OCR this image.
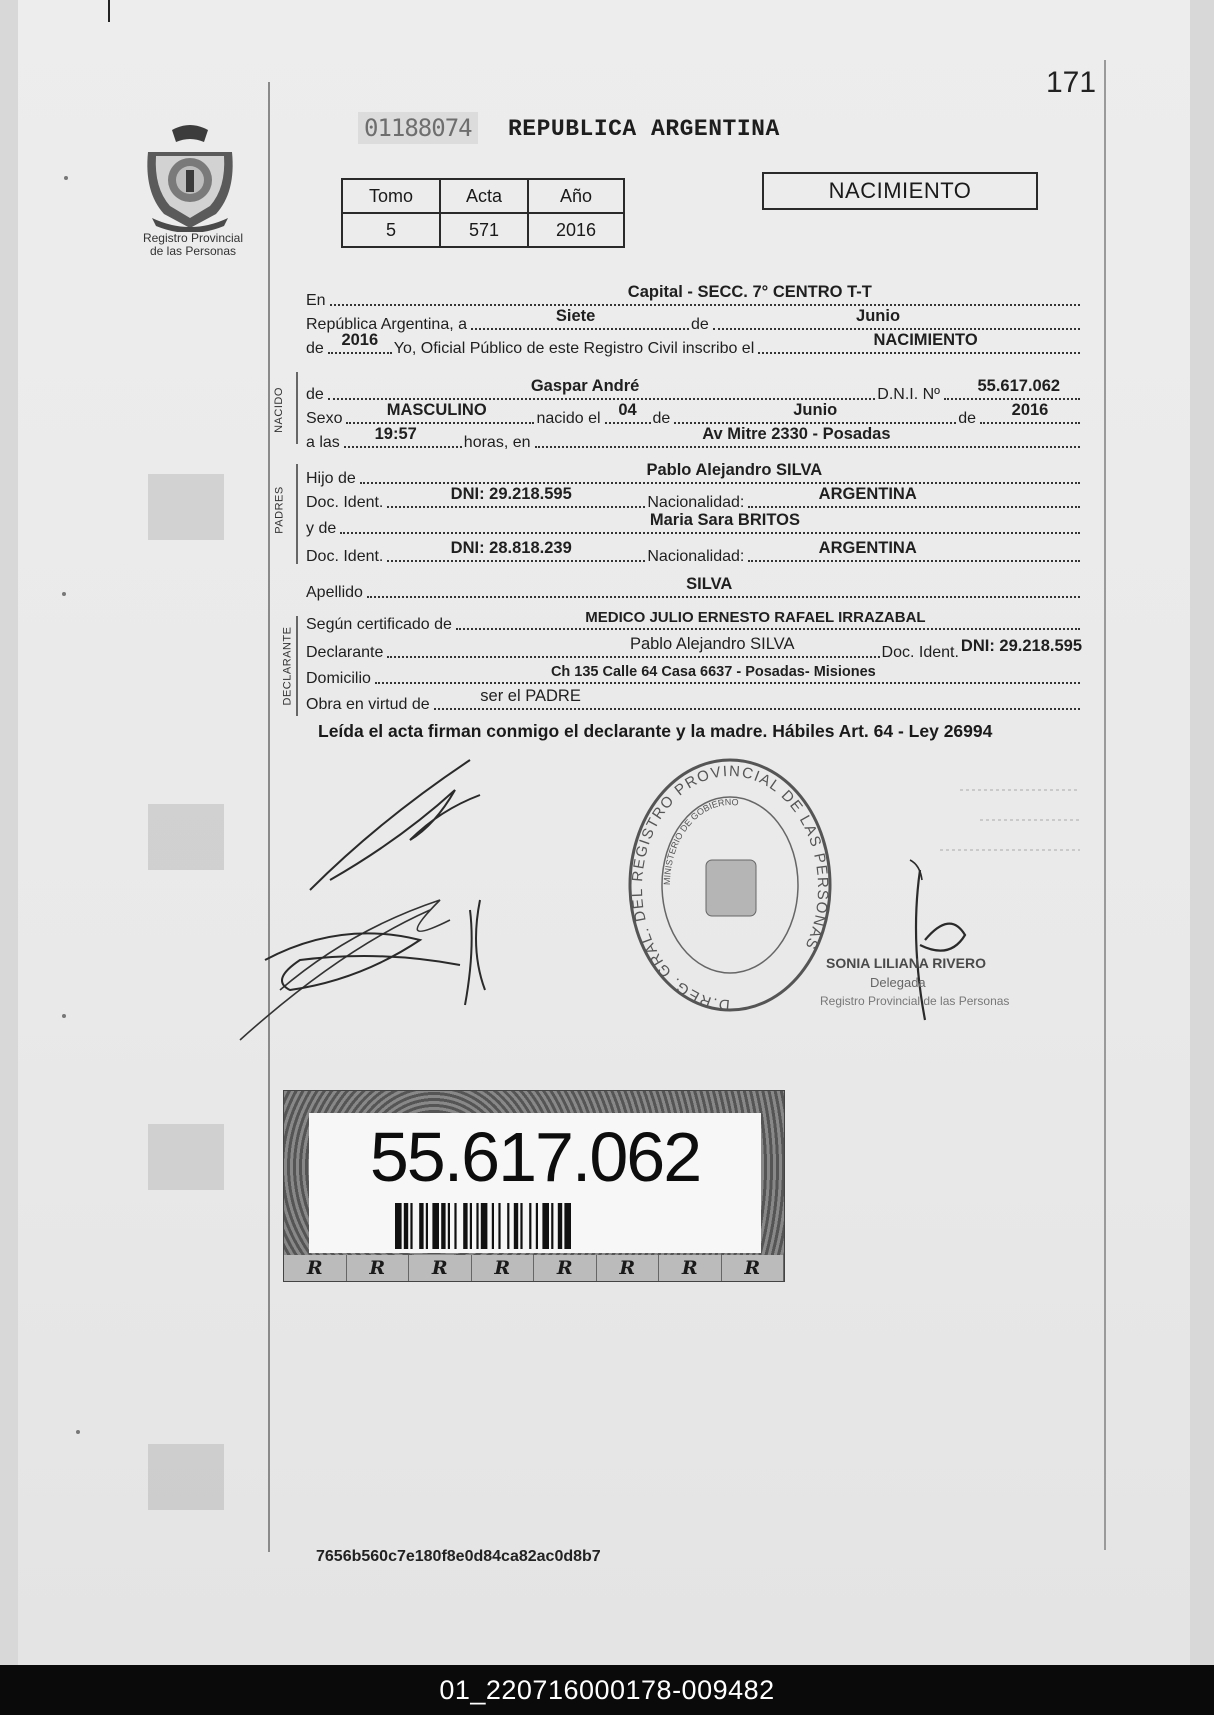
171
Registro Provincial
de las Personas
01188074 REPUBLICA ARGENTINA
Tomo	Acta	Año
5	571	2016
NACIMIENTO
En	Capital - SECC. 7° CENTRO T-T
República Argentina, a	Siete	de	Junio
de 2016 Yo, Oficial Público de este Registro Civil inscribo el	NACIMIENTO
NACIDO de	Gaspar André	D.N.I. Nº 55.617.062
Sexo	MASCULINO	nacido el 04 de	Junio	de 2016
a las 19:57	horas, en	Av Mitre 2330 - Posadas
PADRES
Hijo de	Pablo Alejandro SILVA
Doc. Ident.	DNI: 29.218.595	Nacionalidad:	ARGENTINA
y de	Maria Sara BRITOS
Doc. Ident.	DNI: 28.818.239	Nacionalidad:	ARGENTINA
Apellido	SILVA
DECLARANTE
Según certificado de	MEDICO JULIO ERNESTO RAFAEL IRRAZABAL
Declarante	Pablo Alejandro SILVA	Doc. Ident. DNI: 29.218.595
Domicilio	Ch 135 Calle 64 Casa 6637 - Posadas- Misiones
Obra en virtud de	ser el PADRE
Leída el acta firman conmigo el declarante y la madre. Hábiles Art. 64 - Ley 26994
D.REG. GRAL. DEL REGISTRO PROVINCIAL DE LAS PERSONAS
MINISTERIO DE GOBIERNO
SONIA LILIANA RIVERO
Delegada
Registro Provincial de las Personas
55.617.062
R	R	R	R	R	R	R	R
7656b560c7e180f8e0d84ca82ac0d8b7
01_220716000178-009482
